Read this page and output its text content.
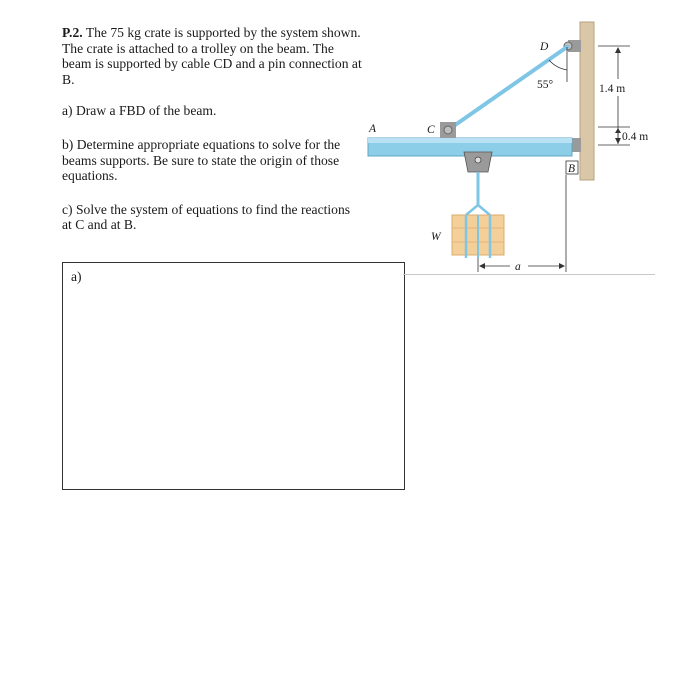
P.2. The 75 kg crate is supported by the system shown. The crate is attached to a trolley on the beam. The beam is supported by cable CD and a pin connection at B.

a) Draw a FBD of the beam.

b) Determine appropriate equations to solve for the beams supports. Be sure to state the origin of those equations.

c) Solve the system of equations to find the reactions at C and at B.

a)
55°
D
B
A	C
W
a
1.4 m
0.4 m
